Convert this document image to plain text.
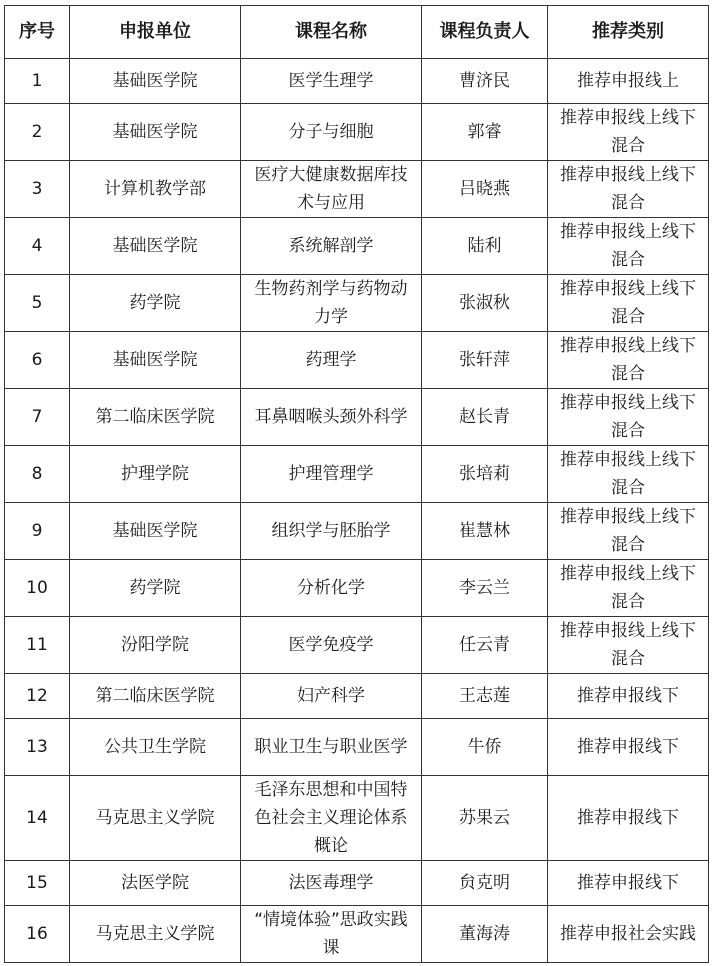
序号	申报单位	课程名称	课程负责人	推荐类别
1	基础医学院	医学生理学	曹济民	推荐申报线上
2	基础医学院	分子与细胞	郭睿	推荐申报线上线下混合
3	计算机教学部	医疗大健康数据库技术与应用	吕晓燕	推荐申报线上线下混合
4	基础医学院	系统解剖学	陆利	推荐申报线上线下混合
5	药学院	生物药剂学与药物动力学	张淑秋	推荐申报线上线下混合
6	基础医学院	药理学	张轩萍	推荐申报线上线下混合
7	第二临床医学院	耳鼻咽喉头颈外科学	赵长青	推荐申报线上线下混合
8	护理学院	护理管理学	张培莉	推荐申报线上线下混合
9	基础医学院	组织学与胚胎学	崔慧林	推荐申报线上线下混合
10	药学院	分析化学	李云兰	推荐申报线上线下混合
11	汾阳学院	医学免疫学	任云青	推荐申报线上线下混合
12	第二临床医学院	妇产科学	王志莲	推荐申报线下
13	公共卫生学院	职业卫生与职业医学	牛侨	推荐申报线下
14	马克思主义学院	毛泽东思想和中国特色社会主义理论体系概论	苏果云	推荐申报线下
15	法医学院	法医毒理学	贠克明	推荐申报线下
16	马克思主义学院	“情境体验”思政实践课	董海涛	推荐申报社会实践
